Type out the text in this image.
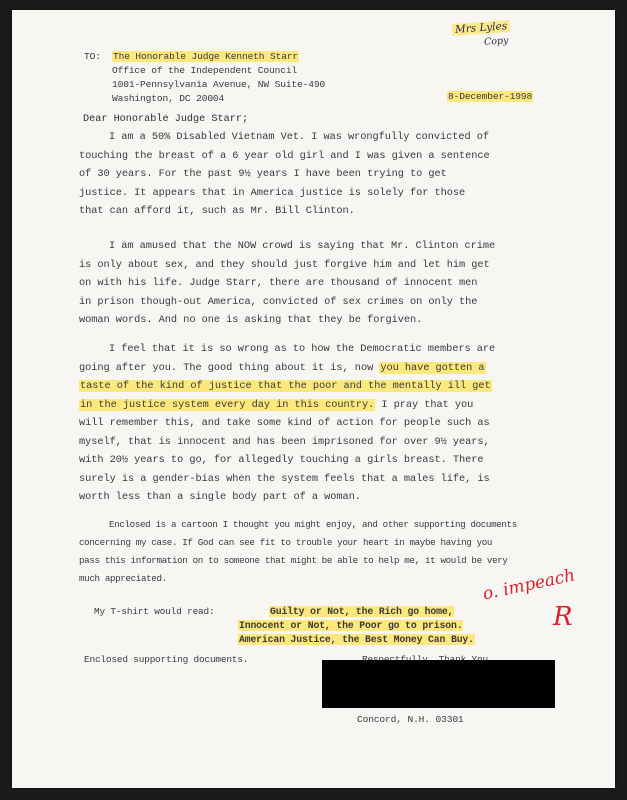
Mrs Lyles
Copy
TO: The Honorable Judge Kenneth Starr
Office of the Independent Council
1001-Pennsylvania Avenue, NW Suite-490
Washington, DC 20004	8-December-1998
Dear Honorable Judge Starr;
I am a 50% Disabled Vietnam Vet. I was wrongfully convicted of
touching the breast of a 6 year old girl and I was given a sentence
of 30 years. For the past 9½ years I have been trying to get
justice. It appears that in America justice is solely for those
that can afford it, such as Mr. Bill Clinton.
I am amused that the NOW crowd is saying that Mr. Clinton crime
is only about sex, and they should just forgive him and let him get
on with his life. Judge Starr, there are thousand of innocent men
in prison though-out America, convicted of sex crimes on only the
woman words. And no one is asking that they be forgiven.
I feel that it is so wrong as to how the Democratic members are
going after you. The good thing about it is, now you have gotten a
taste of the kind of justice that the poor and the mentally ill get
in the justice system every day in this country. I pray that you
will remember this, and take some kind of action for people such as
myself, that is innocent and has been imprisoned for over 9½ years,
with 20½ years to go, for allegedly touching a girls breast. There
surely is a gender-bias when the system feels that a males life, is
worth less than a single body part of a woman.
Enclosed is a cartoon I thought you might enjoy, and other supporting documents
concerning my case. If God can see fit to trouble your heart in maybe having you
pass this information on to someone that might be able to help me, it would be very
much appreciated.
My T-shirt would read:	Guilty or Not, the Rich go home,
Innocent or Not, the Poor go to prison.
American Justice, the Best Money Can Buy.
o. impeach
R
Enclosed supporting documents.
Concord, N.H. 03301
